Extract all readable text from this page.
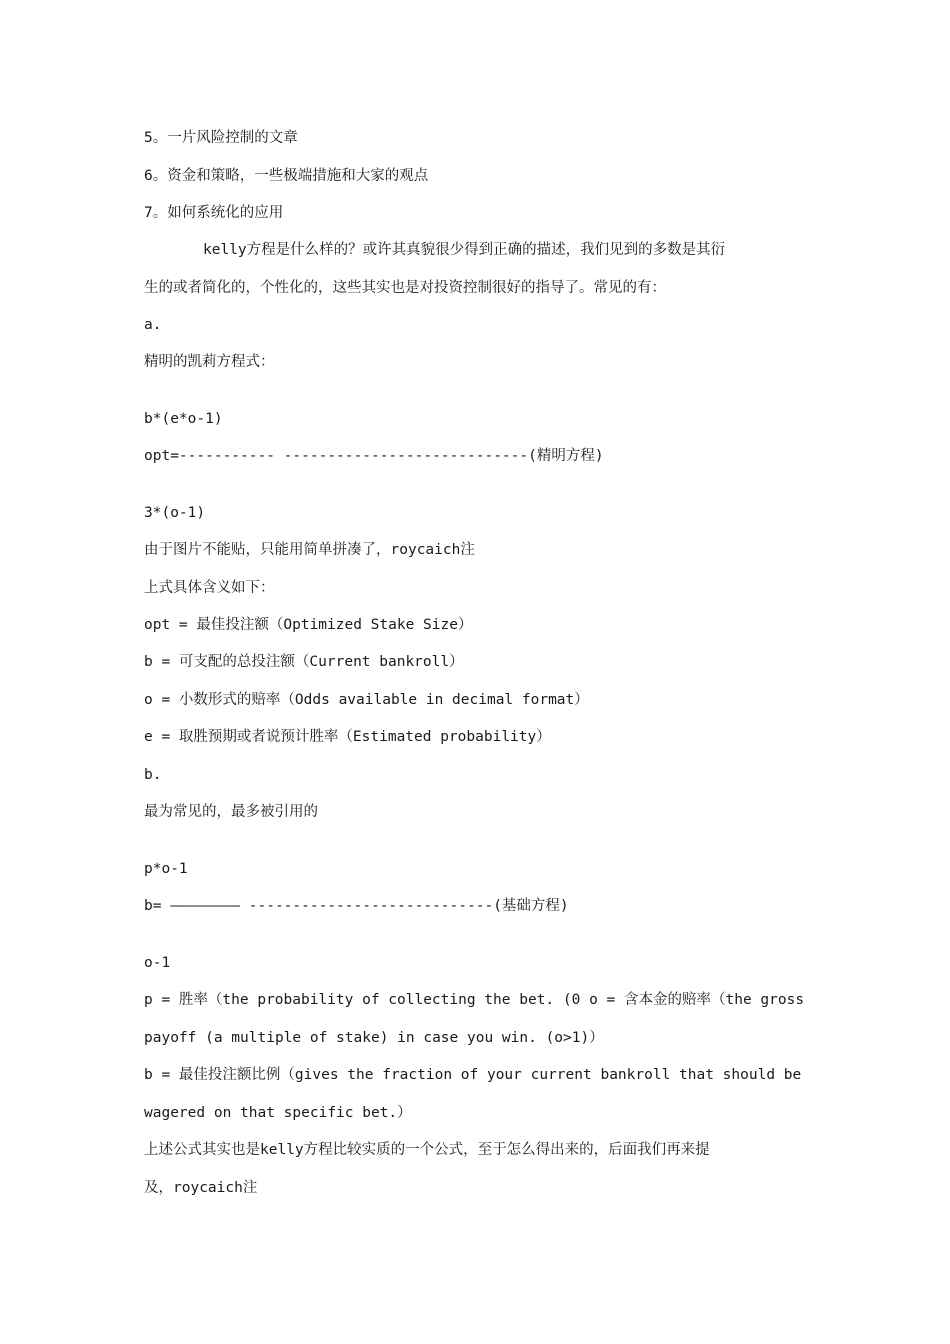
5。一片风险控制的文章

6。资金和策略，一些极端措施和大家的观点

7。如何系统化的应用

kelly方程是什么样的？或许其真貌很少得到正确的描述，我们见到的多数是其衍

生的或者简化的，个性化的，这些其实也是对投资控制很好的指导了。常见的有：

a.

精明的凯莉方程式：

b*(e*o-1)

opt=----------- ----------------------------(精明方程)

3*(o-1)

由于图片不能贴，只能用简单拼凑了，roycaich注

上式具体含义如下：

opt = 最佳投注额（Optimized Stake Size）

b = 可支配的总投注额（Current bankroll）

o = 小数形式的赔率（Odds available in decimal format）

e = 取胜预期或者说预计胜率（Estimated probability）

b.

最为常见的，最多被引用的

p*o-1

b= ———————— ----------------------------(基础方程)

o-1

p = 胜率（the probability of collecting the bet. (0 o = 含本金的赔率（the gross

payoff (a multiple of stake) in case you win. (o>1)）

b = 最佳投注额比例（gives the fraction of your current bankroll that should be

wagered on that specific bet.）

上述公式其实也是kelly方程比较实质的一个公式，至于怎么得出来的，后面我们再来提

及，roycaich注
